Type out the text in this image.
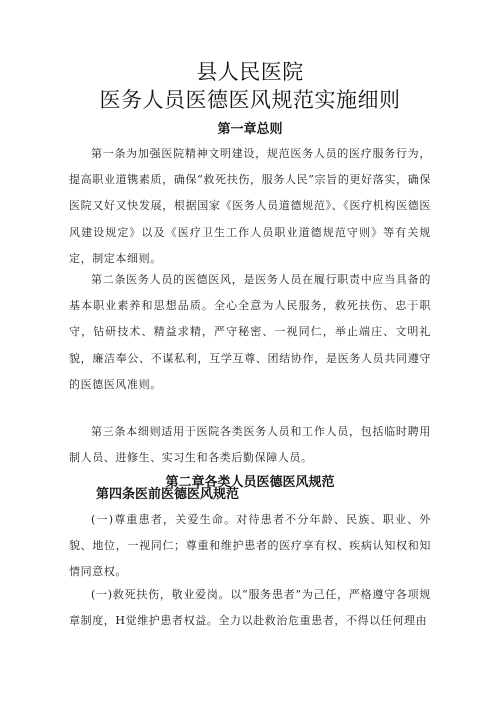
县人民医院
医务人员医德医风规范实施细则
第一章总则
第一条为加强医院精神文明建设，规范医务人员的医疗服务行为，提高职业道镌素质，确保“救死扶伤，服务人民”宗旨的更好落实，确保医院又好又快发展，根据国家《医务人员道德规范》、《医疗机构医德医风建设规定》以及《医疗卫生工作人员职业道德规范守则》等有关规定，制定本细则。
第二条医务人员的医德医风，是医务人员在履行职责中应当具备的基本职业素养和思想品质。全心全意为人民服务，救死扶伤、忠于职守，钻研技术、精益求精，严守秘密、一视同仁，举止端庄、文明礼貌，廉洁奉公、不谋私利，互学互尊、团结协作，是医务人员共同遵守的医德医风准则。
第三条本细则适用于医院各类医务人员和工作人员，包括临时聘用制人员、进修生、实习生和各类后勤保障人员。
第二章各类人员医德医风规范
第四条医前医德医风规范
(一)尊重患者，关爱生命。对待患者不分年龄、民族、职业、外貌、地位，一视同仁；尊重和维护患者的医疗享有权、疾病认知权和知情同意权。
(一)救死扶伤，敬业爱岗。以“服务患者”为己任，严格遵守各项规章制度，H觉维护患者权益。全力以赴救治危重患者，不得以任何理由
